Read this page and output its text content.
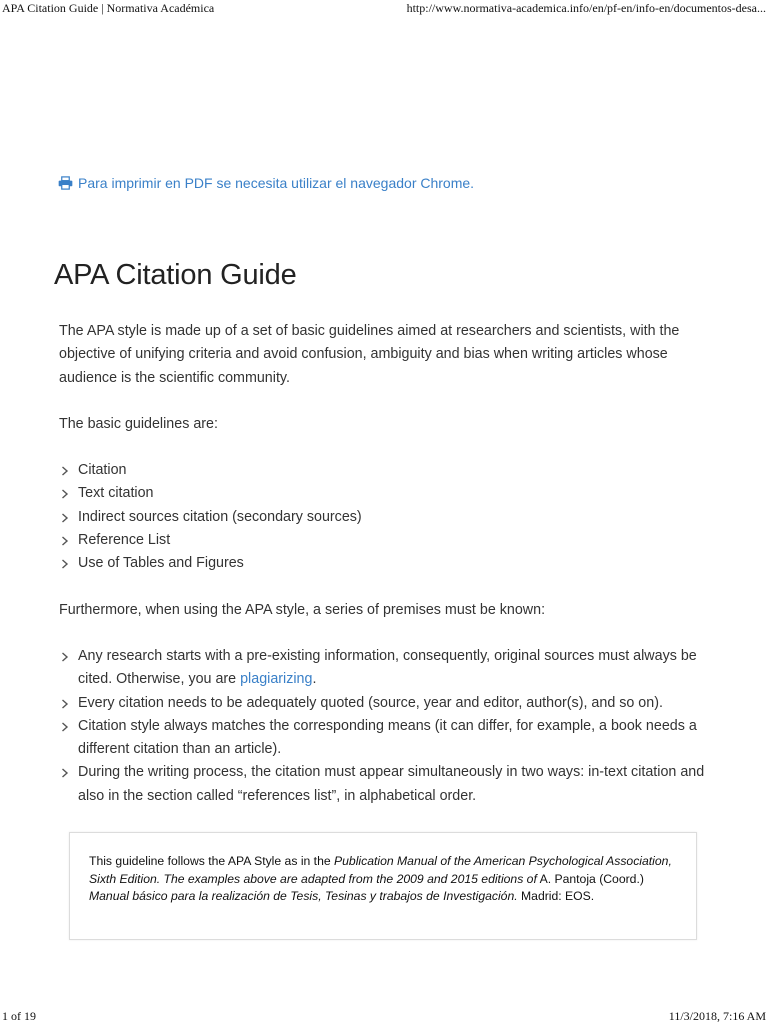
APA Citation Guide | Normativa Académica	http://www.normativa-academica.info/en/pf-en/info-en/documentos-desa...
Para imprimir en PDF se necesita utilizar el navegador Chrome.
APA Citation Guide

The APA style is made up of a set of basic guidelines aimed at researchers and scientists, with the objective of unifying criteria and avoid confusion, ambiguity and bias when writing articles whose audience is the scientific community.

The basic guidelines are:

Citation
Text citation
Indirect sources citation (secondary sources)
Reference List
Use of Tables and Figures

Furthermore, when using the APA style, a series of premises must be known:

Any research starts with a pre-existing information, consequently, original sources must always be cited. Otherwise, you are plagiarizing.
Every citation needs to be adequately quoted (source, year and editor, author(s), and so on).
Citation style always matches the corresponding means (it can differ, for example, a book needs a different citation than an article).
During the writing process, the citation must appear simultaneously in two ways: in-text citation and also in the section called “references list”, in alphabetical order.
This guideline follows the APA Style as in the Publication Manual of the American Psychological Association, Sixth Edition. The examples above are adapted from the 2009 and 2015 editions of A. Pantoja (Coord.) Manual básico para la realización de Tesis, Tesinas y trabajos de Investigación. Madrid: EOS.
1 of 19	11/3/2018, 7:16 AM
